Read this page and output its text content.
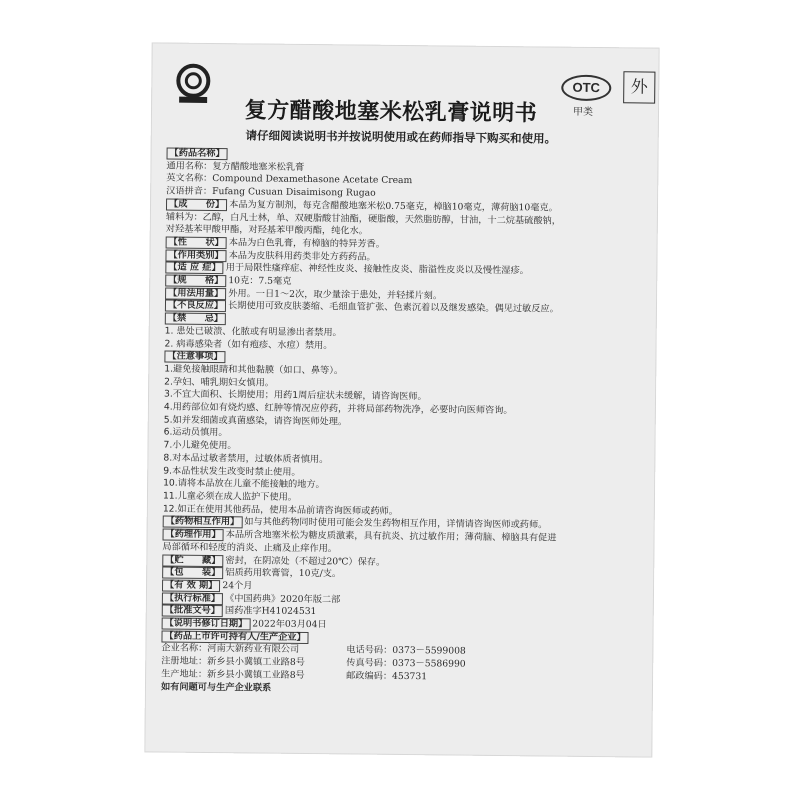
OTC
甲类
外
复方醋酸地塞米松乳膏说明书
请仔细阅读说明书并按说明使用或在药师指导下购买和使用。
【药品名称】
通用名称：复方醋酸地塞米松乳膏
英文名称：Compound Dexamethasone Acetate Cream
汉语拼音：Fufang Cusuan Disaimisong Rugao
【成　　份】 本品为复方制剂，每克含醋酸地塞米松0.75毫克，樟脑10毫克，薄荷脑10毫克。
辅料为：乙醇，白凡士林，单、双硬脂酸甘油酯，硬脂酸，天然脂肪醇，甘油，十二烷基硫酸钠，
对羟基苯甲酸甲酯，对羟基苯甲酸丙酯，纯化水。
【性　　状】 本品为白色乳膏，有樟脑的特异芳香。
【作用类别】 本品为皮肤科用药类非处方药药品。
【适 应 症】 用于局限性瘙痒症、神经性皮炎、接触性皮炎、脂溢性皮炎以及慢性湿疹。
【规　　格】 10克：7.5毫克
【用法用量】 外用。一日1～2次，取少量涂于患处，并轻揉片刻。
【不良反应】 长期使用可致皮肤萎缩、毛细血管扩张、色素沉着以及继发感染。偶见过敏反应。
【禁　　忌】
1. 患处已破溃、化脓或有明显渗出者禁用。
2. 病毒感染者（如有疱疹、水痘）禁用。
【注意事项】
1.避免接触眼睛和其他黏膜（如口、鼻等）。
2.孕妇、哺乳期妇女慎用。
3.不宜大面积、长期使用；用药1周后症状未缓解，请咨询医师。
4.用药部位如有烧灼感、红肿等情况应停药，并将局部药物洗净，必要时向医师咨询。
5.如并发细菌或真菌感染，请咨询医师处理。
6.运动员慎用。
7.小儿避免使用。
8.对本品过敏者禁用，过敏体质者慎用。
9.本品性状发生改变时禁止使用。
10.请将本品放在儿童不能接触的地方。
11.儿童必须在成人监护下使用。
12.如正在使用其他药品，使用本品前请咨询医师或药师。
【药物相互作用】 如与其他药物同时使用可能会发生药物相互作用，详情请咨询医师或药师。
【药理作用】 本品所含地塞米松为糖皮质激素，具有抗炎、抗过敏作用；薄荷脑、樟脑具有促进
局部循环和轻度的消炎、止痛及止痒作用。
【贮　　藏】 密封，在阴凉处（不超过20℃）保存。
【包　　装】 铝质药用软膏管，10克/支。
【有 效 期】 24个月
【执行标准】 《中国药典》2020年版二部
【批准文号】 国药准字H41024531
【说明书修订日期】 2022年03月04日
【药品上市许可持有人/生产企业】
企业名称：河南大新药业有限公司	电话号码：0373－5599008
注册地址：新乡县小冀镇工业路8号	传真号码：0373－5586990
生产地址：新乡县小冀镇工业路8号	邮政编码：453731
如有问题可与生产企业联系
